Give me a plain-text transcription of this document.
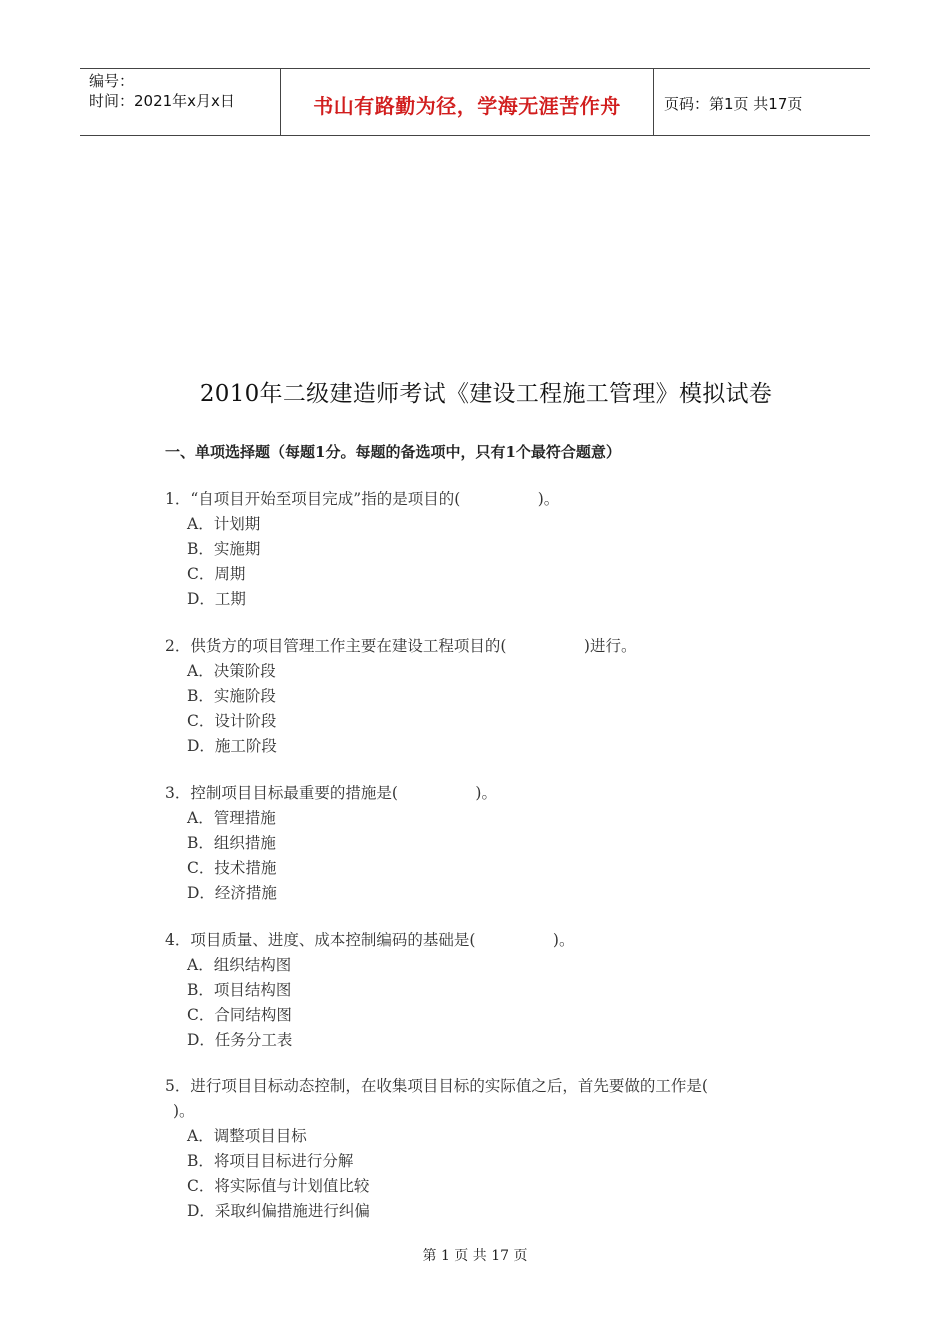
编号：
时间：2021年x月x日	书山有路勤为径，学海无涯苦作舟	页码：第1页 共17页
2010年二级建造师考试《建设工程施工管理》模拟试卷
一、单项选择题（每题1分。每题的备选项中，只有1个最符合题意）
1．“自项目开始至项目完成”指的是项目的(　　　　　)。
A．计划期
B．实施期
C．周期
D．工期
2．供货方的项目管理工作主要在建设工程项目的(　　　　　)进行。
A．决策阶段
B．实施阶段
C．设计阶段
D．施工阶段
3．控制项目目标最重要的措施是(　　　　　)。
A．管理措施
B．组织措施
C．技术措施
D．经济措施
4．项目质量、进度、成本控制编码的基础是(　　　　　)。
A．组织结构图
B．项目结构图
C．合同结构图
D．任务分工表
5．进行项目目标动态控制，在收集项目目标的实际值之后，首先要做的工作是(
)。
A．调整项目目标
B．将项目目标进行分解
C．将实际值与计划值比较
D．采取纠偏措施进行纠偏
第 1 页 共 17 页
